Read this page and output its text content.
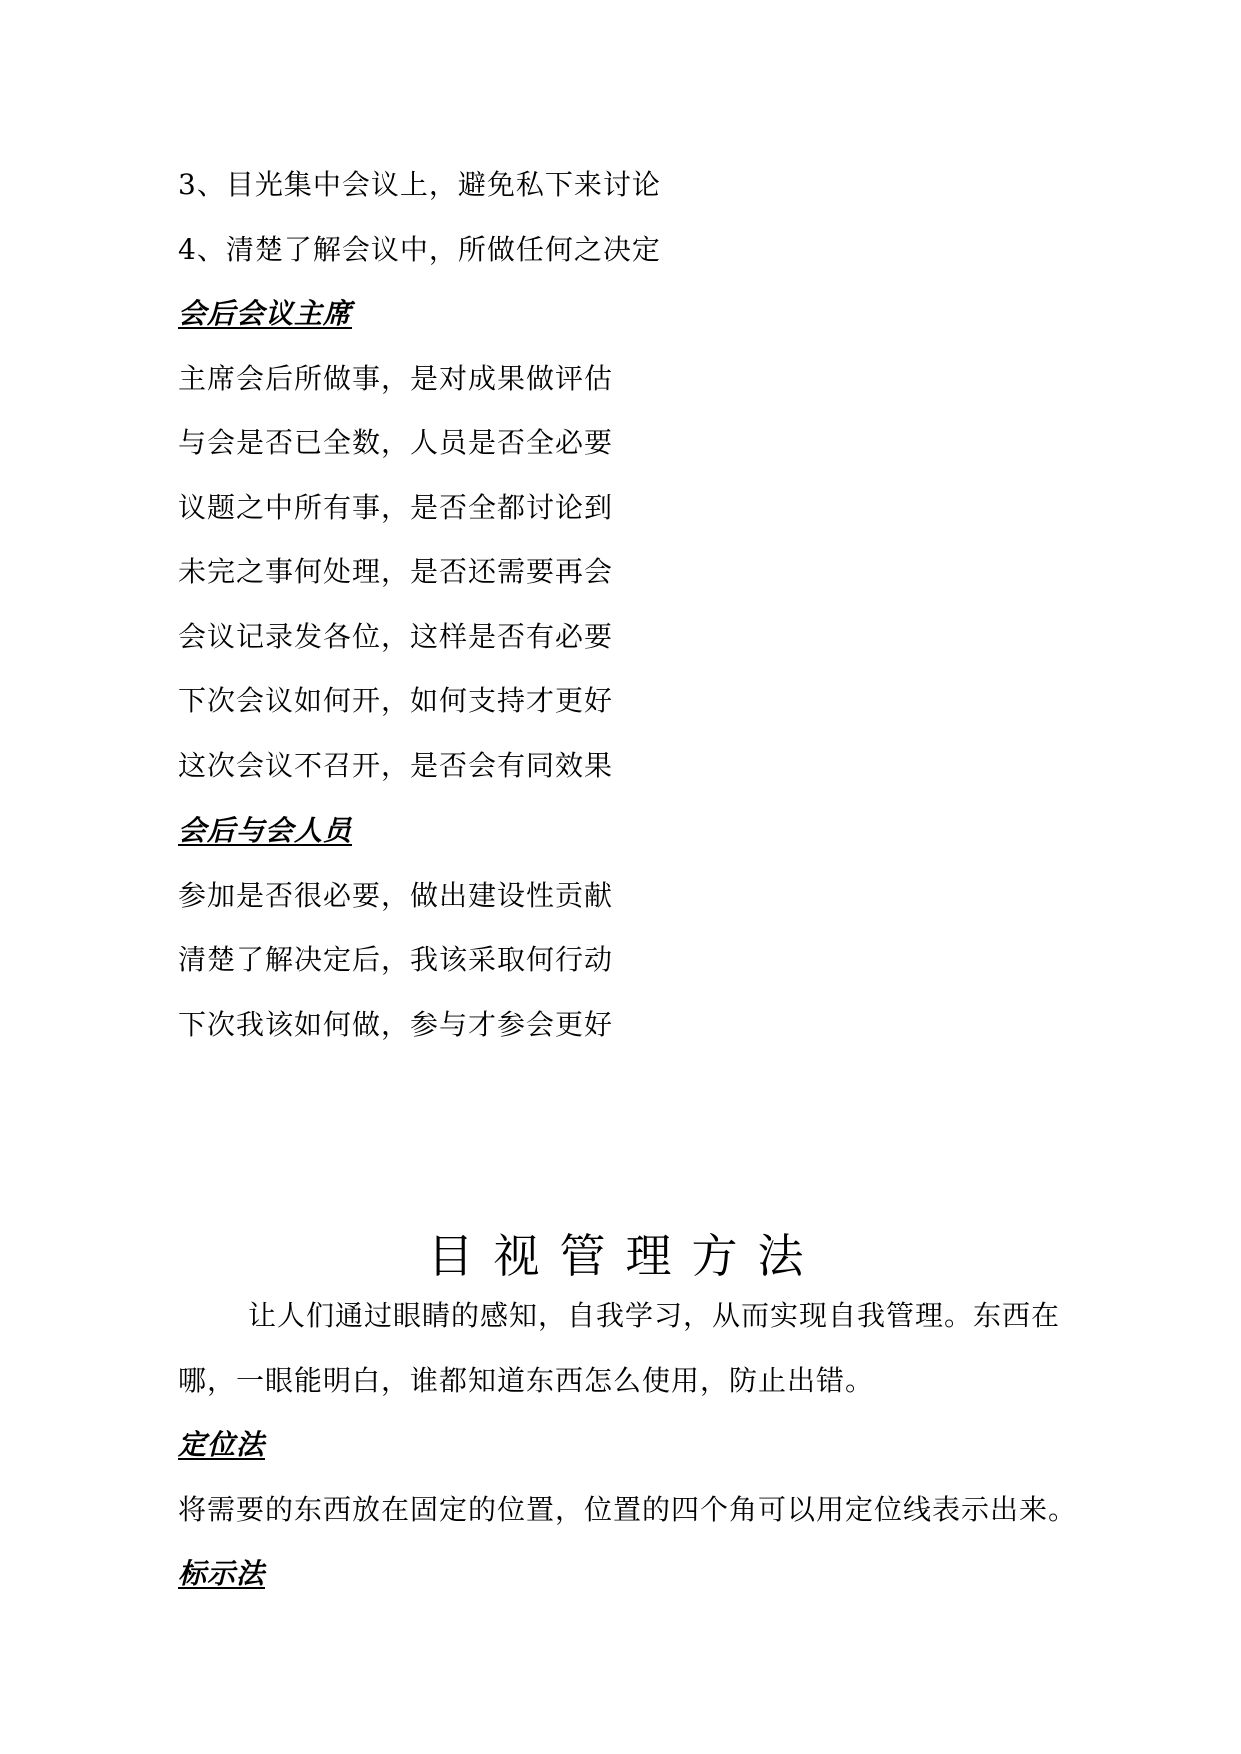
3、目光集中会议上，避免私下来讨论
4、清楚了解会议中，所做任何之决定
会后会议主席
主席会后所做事，是对成果做评估
与会是否已全数，人员是否全必要
议题之中所有事，是否全都讨论到
未完之事何处理，是否还需要再会
会议记录发各位，这样是否有必要
下次会议如何开，如何支持才更好
这次会议不召开，是否会有同效果
会后与会人员
参加是否很必要，做出建设性贡献
清楚了解决定后，我该采取何行动
下次我该如何做，参与才参会更好
目视管理方法
让人们通过眼睛的感知，自我学习，从而实现自我管理。东西在
哪，一眼能明白，谁都知道东西怎么使用，防止出错。
定位法
将需要的东西放在固定的位置，位置的四个角可以用定位线表示出来。
标示法
